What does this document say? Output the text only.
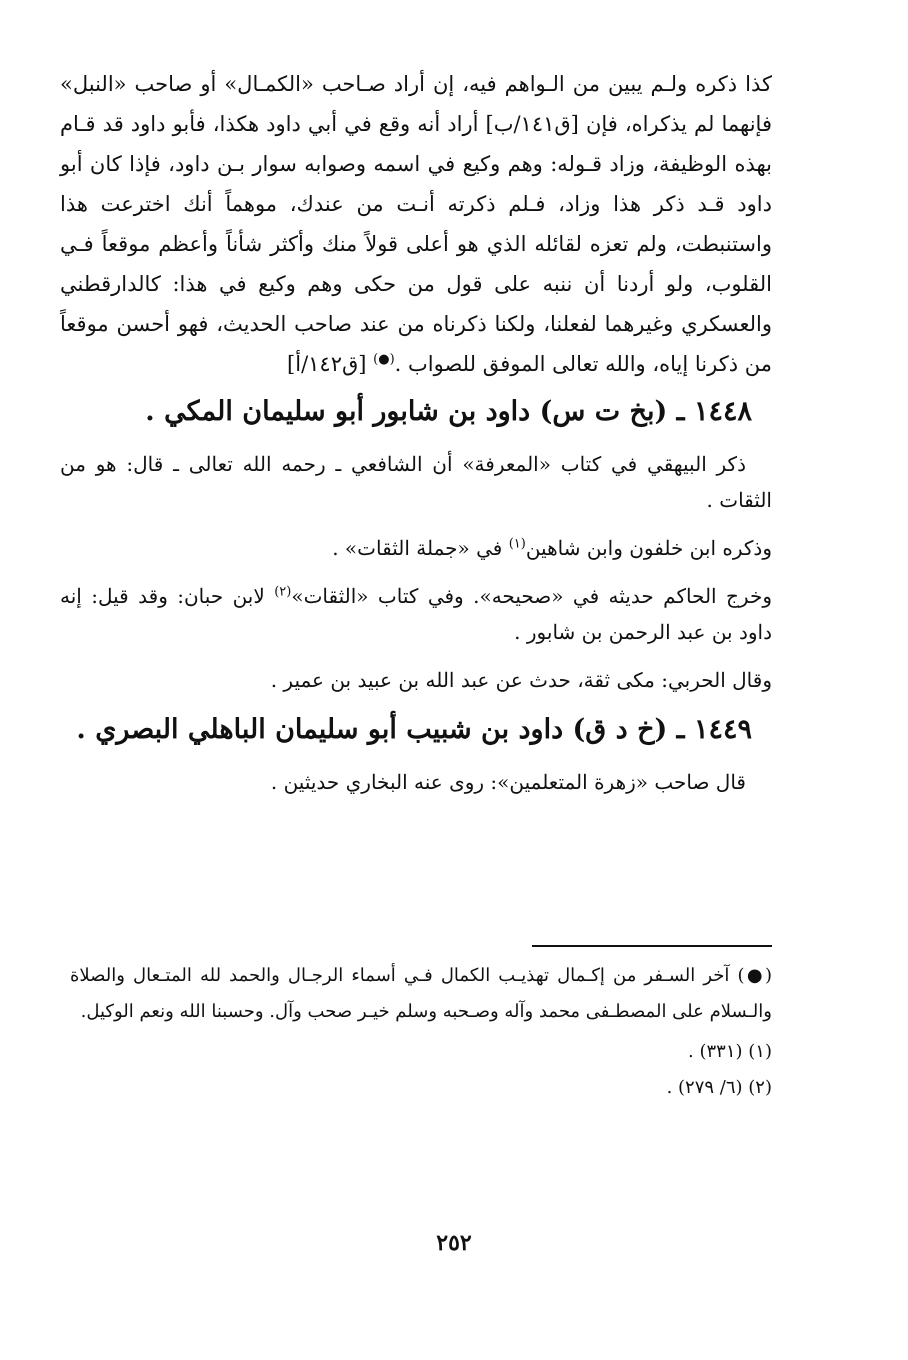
كذا ذكره ولـم يبين من الـواهم فيه، إن أراد صـاحب «الكمـال» أو صاحب «النبل» فإنهما لم يذكراه، فإن [ق١٤١/ب] أراد أنه وقع في أبي داود هكذا، فأبو داود قد قـام بهذه الوظيفة، وزاد قـوله: وهم وكيع في اسمه وصوابه سوار بـن داود، فإذا كان أبو داود قـد ذكر هذا وزاد، فـلم ذكرته أنـت من عندك، موهماً أنك اخترعت هذا واستنبطت، ولم تعزه لقائله الذي هو أعلى قولاً منك وأكثر شأناً وأعظم موقعاً فـي القلوب، ولو أردنا أن ننبه على قول من حكى وهم وكيع في هذا: كالدارقطني والعسكري وغيرهما لفعلنا، ولكنا ذكرناه من عند صاحب الحديث، فهو أحسن موقعاً من ذكرنا إياه، والله تعالى الموفق للصواب .(●) [ق١٤٢/أ]

١٤٤٨ ـ (بخ ت س) داود بن شابور أبو سليمان المكي .

ذكر البيهقي في كتاب «المعرفة» أن الشافعي ـ رحمه الله تعالى ـ قال: هو من الثقات .

وذكره ابن خلفون وابن شاهين$^{(١)}$ في «جملة الثقات» .

وخرج الحاكم حديثه في «صحيحه». وفي كتاب «الثقات»$^{(٢)}$ لابن حبان: وقد قيل: إنه داود بن عبد الرحمن بن شابور .

وقال الحربي: مكى ثقة، حدث عن عبد الله بن عبيد بن عمير .

١٤٤٩ ـ (خ د ق) داود بن شبيب أبو سليمان الباهلي البصري .

قال صاحب «زهرة المتعلمين»: روى عنه البخاري حديثين .

(●) آخر السـفر من إكـمال تهذيـب الكمال فـي أسماء الرجـال والحمد لله المتـعال والصلاة والـسلام على المصطـفى محمد وآله وصـحبه وسلم خيـر صحب وآل. وحسبنا الله ونعم الوكيل.

(١) (٣٣١) .

(٢) (٦/ ٢٧٩) .

٢٥٢
